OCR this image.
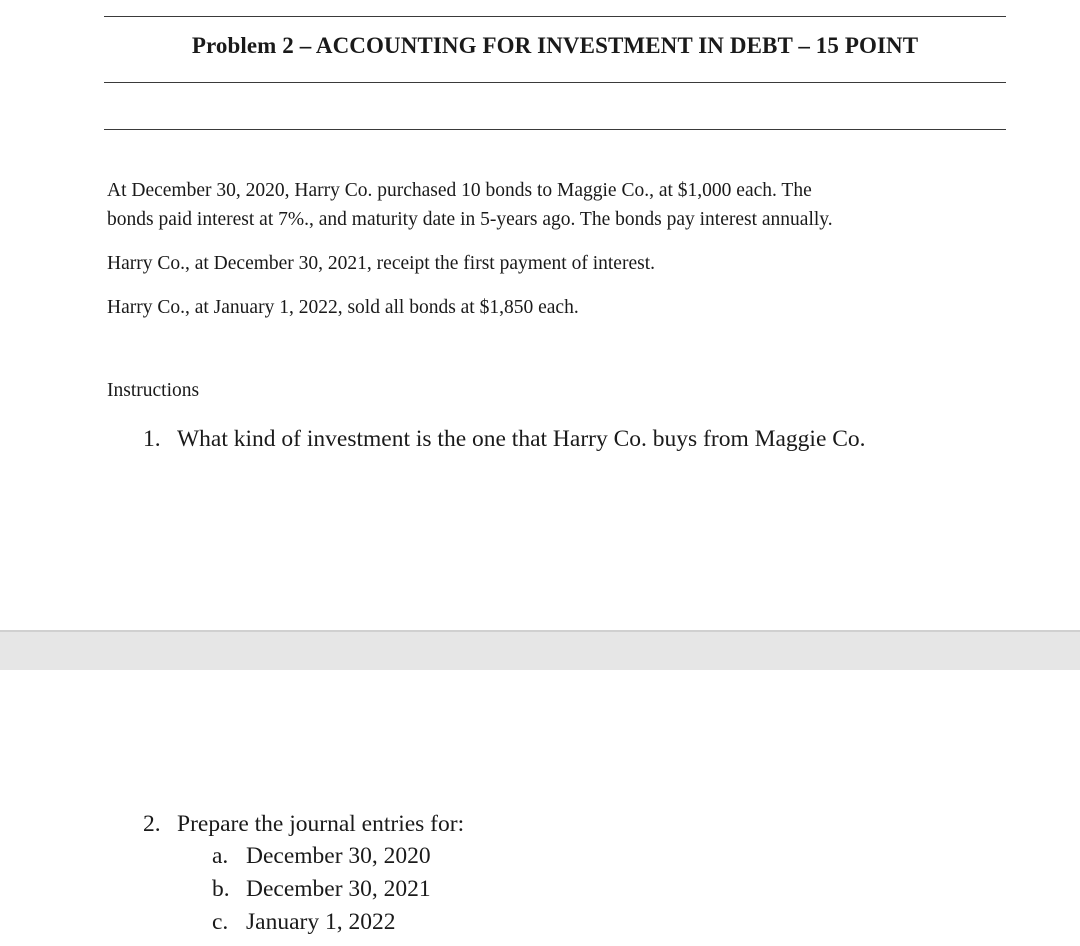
Problem 2 – ACCOUNTING FOR INVESTMENT IN DEBT – 15 POINT
At December 30, 2020, Harry Co. purchased 10 bonds to Maggie Co., at $1,000 each. The
bonds paid interest at 7%., and maturity date in 5-years ago. The bonds pay interest annually.
Harry Co., at December 30, 2021, receipt the first payment of interest.
Harry Co., at January 1, 2022, sold all bonds at $1,850 each.
Instructions
1. What kind of investment is the one that Harry Co. buys from Maggie Co.
2. Prepare the journal entries for:
a. December 30, 2020
b. December 30, 2021
c. January 1, 2022
